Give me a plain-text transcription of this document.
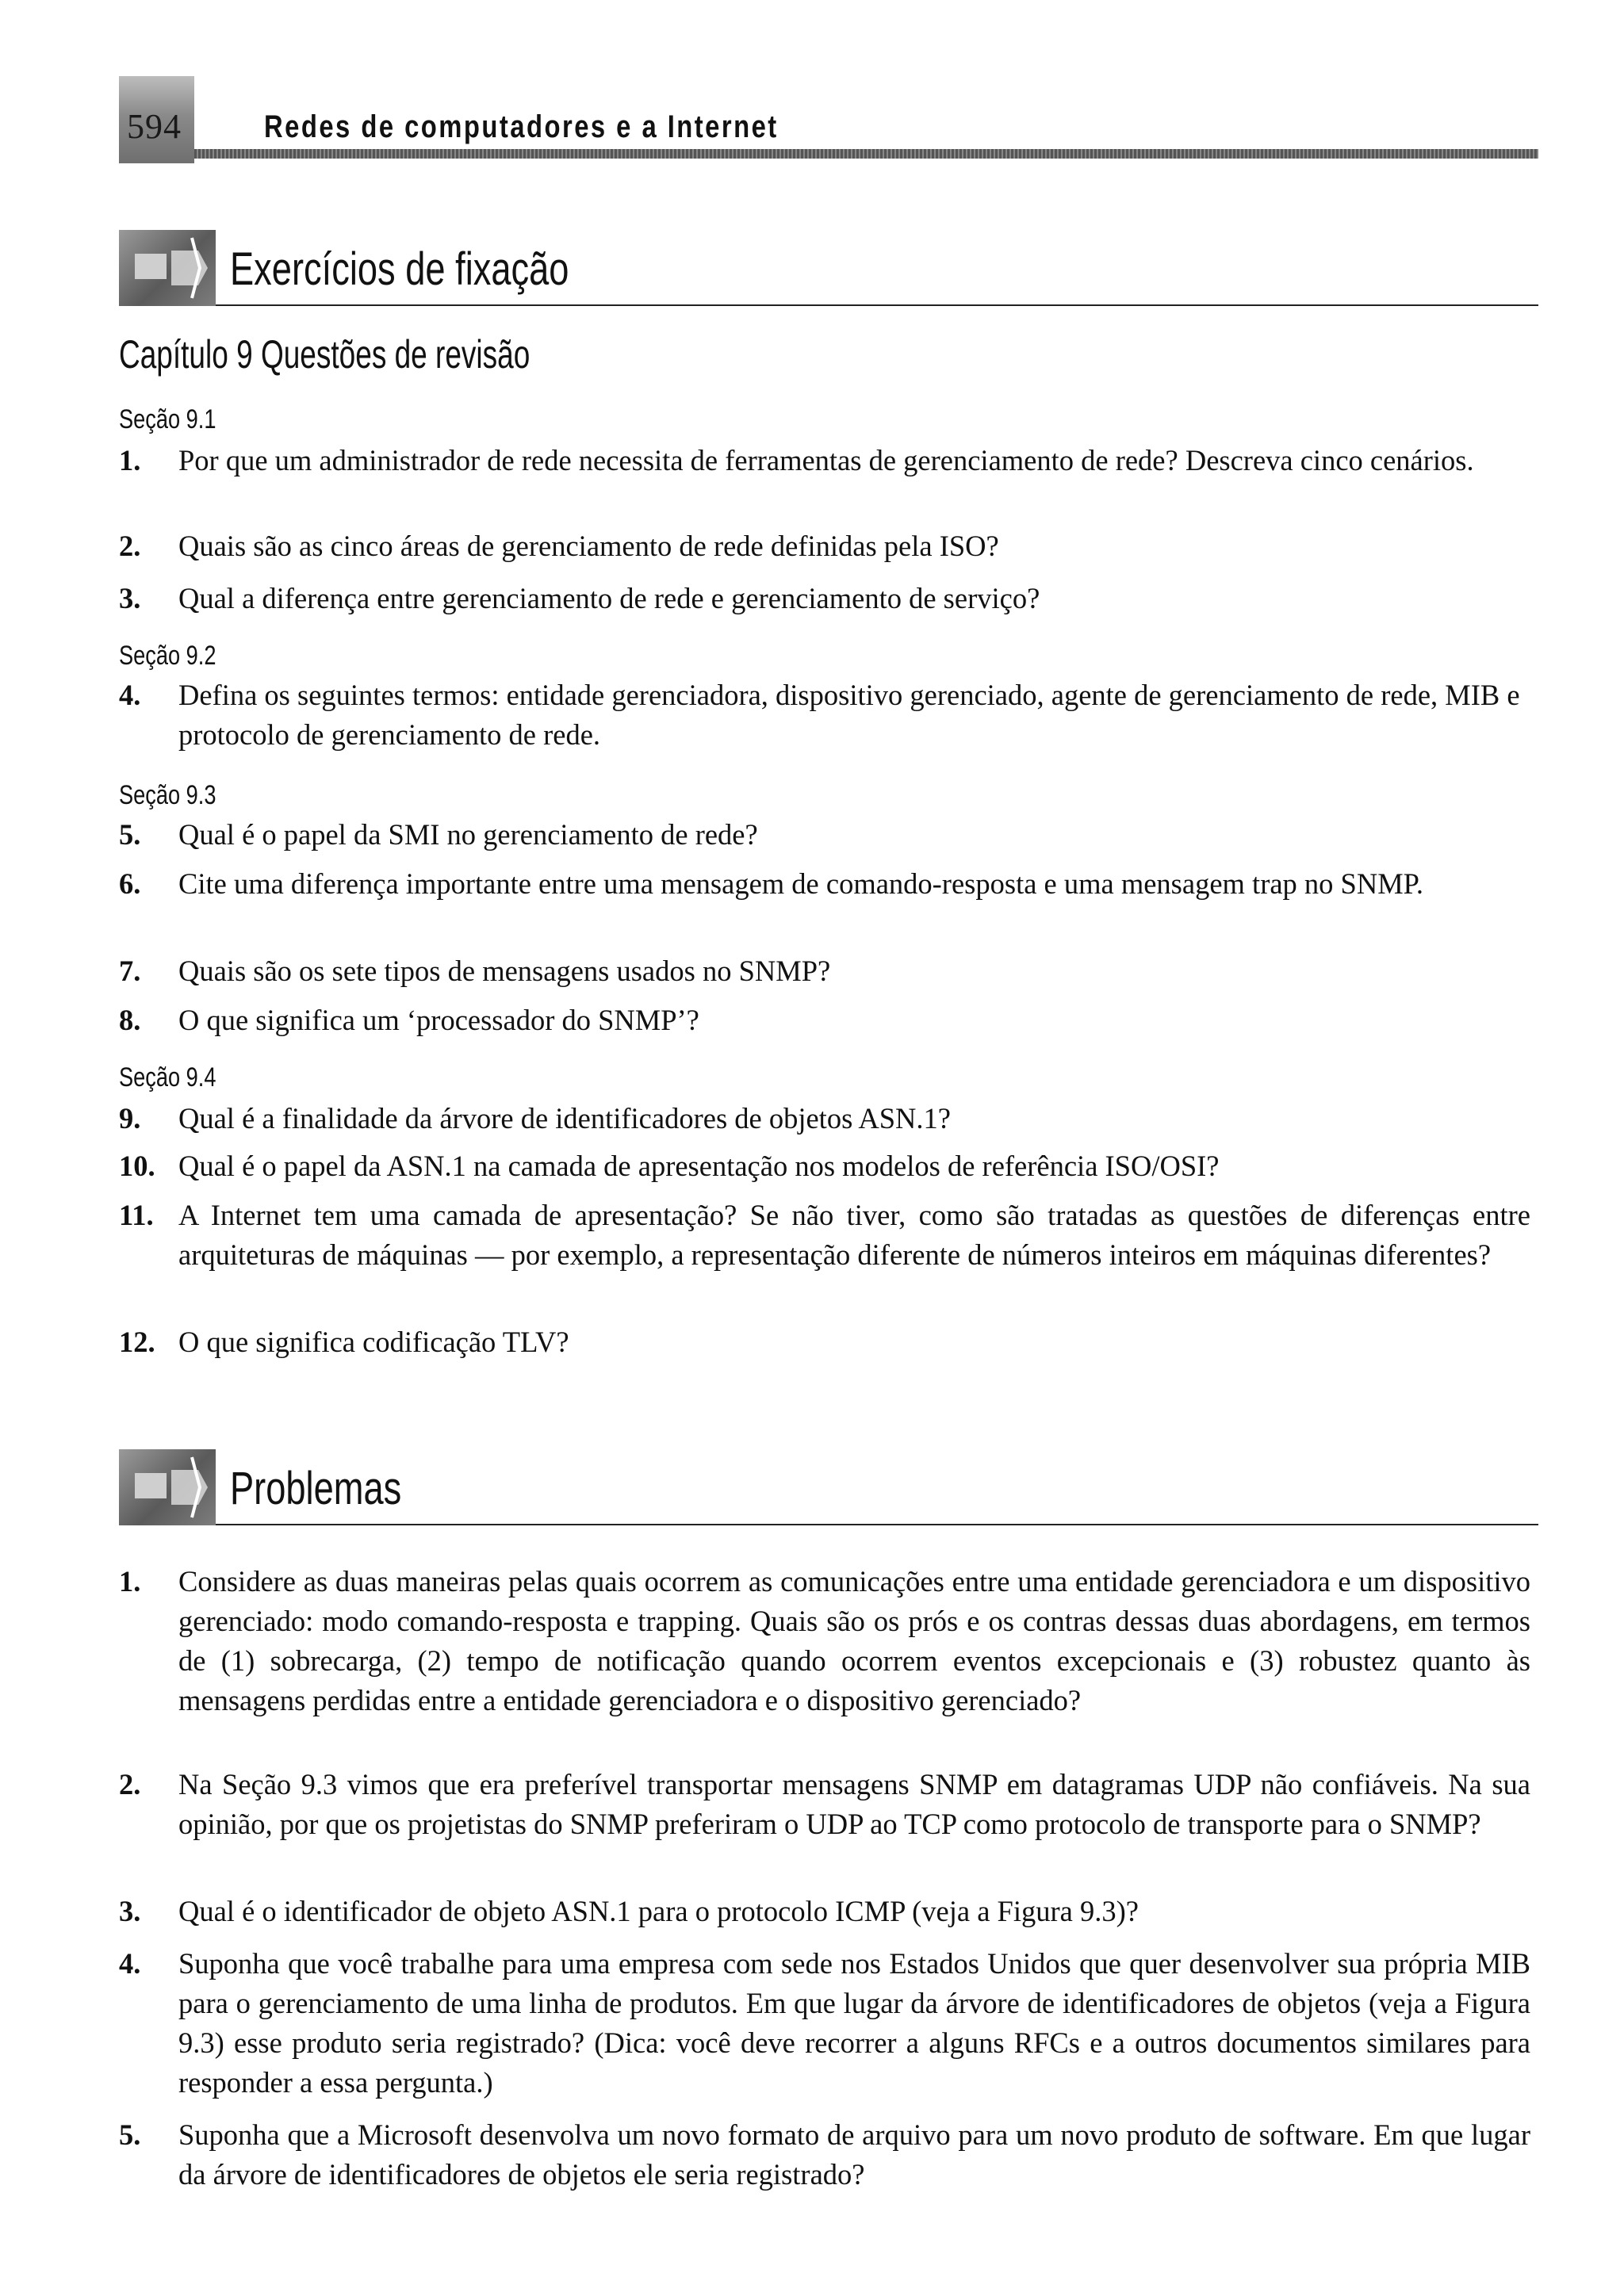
594	Redes de computadores e a Internet
Exercícios de fixação
Capítulo 9 Questões de revisão
Seção 9.1
1. Por que um administrador de rede necessita de ferramentas de gerenciamento de rede? Descreva cinco cenários.
2. Quais são as cinco áreas de gerenciamento de rede definidas pela ISO?
3. Qual a diferença entre gerenciamento de rede e gerenciamento de serviço?
Seção 9.2
4. Defina os seguintes termos: entidade gerenciadora, dispositivo gerenciado, agente de gerenciamento de rede, MIB e protocolo de gerenciamento de rede.
Seção 9.3
5. Qual é o papel da SMI no gerenciamento de rede?
6. Cite uma diferença importante entre uma mensagem de comando-resposta e uma mensagem trap no SNMP.
7. Quais são os sete tipos de mensagens usados no SNMP?
8. O que significa um ‘processador do SNMP’?
Seção 9.4
9. Qual é a finalidade da árvore de identificadores de objetos ASN.1?
10. Qual é o papel da ASN.1 na camada de apresentação nos modelos de referência ISO/OSI?
11. A Internet tem uma camada de apresentação? Se não tiver, como são tratadas as questões de diferenças entre arquiteturas de máquinas — por exemplo, a representação diferente de números inteiros em máquinas diferentes?
12. O que significa codificação TLV?
Problemas
1. Considere as duas maneiras pelas quais ocorrem as comunicações entre uma entidade gerenciadora e um dispositivo gerenciado: modo comando-resposta e trapping. Quais são os prós e os contras dessas duas abordagens, em termos de (1) sobrecarga, (2) tempo de notificação quando ocorrem eventos excepcionais e (3) robustez quanto às mensagens perdidas entre a entidade gerenciadora e o dispositivo gerenciado?
2. Na Seção 9.3 vimos que era preferível transportar mensagens SNMP em datagramas UDP não confiáveis. Na sua opinião, por que os projetistas do SNMP preferiram o UDP ao TCP como protocolo de transporte para o SNMP?
3. Qual é o identificador de objeto ASN.1 para o protocolo ICMP (veja a Figura 9.3)?
4. Suponha que você trabalhe para uma empresa com sede nos Estados Unidos que quer desenvolver sua própria MIB para o gerenciamento de uma linha de produtos. Em que lugar da árvore de identificadores de objetos (veja a Figura 9.3) esse produto seria registrado? (Dica: você deve recorrer a alguns RFCs e a outros documentos similares para responder a essa pergunta.)
5. Suponha que a Microsoft desenvolva um novo formato de arquivo para um novo produto de software. Em que lugar da árvore de identificadores de objetos ele seria registrado?
